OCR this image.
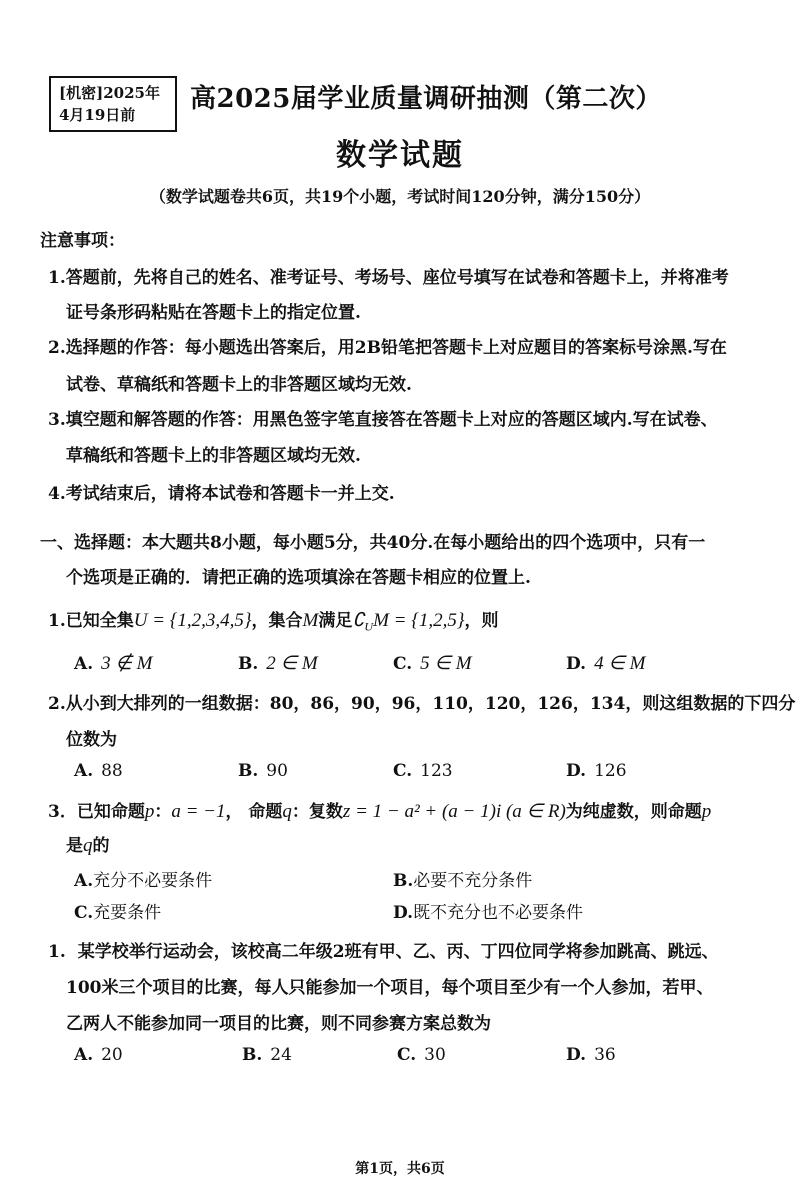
[机密]2025年
4月19日前
高2025届学业质量调研抽测（第二次）
数学试题
（数学试题卷共6页，共19个小题，考试时间120分钟，满分150分）
注意事项：
1.答题前，先将自己的姓名、准考证号、考场号、座位号填写在试卷和答题卡上，并将准考
证号条形码粘贴在答题卡上的指定位置.
2.选择题的作答：每小题选出答案后，用2B铅笔把答题卡上对应题目的答案标号涂黑.写在
试卷、草稿纸和答题卡上的非答题区域均无效.
3.填空题和解答题的作答：用黑色签字笔直接答在答题卡上对应的答题区域内.写在试卷、
草稿纸和答题卡上的非答题区域均无效.
4.考试结束后，请将本试卷和答题卡一并上交.
一、选择题：本大题共8小题，每小题5分，共40分.在每小题给出的四个选项中，只有一
个选项是正确的．请把正确的选项填涂在答题卡相应的位置上.
1.已知全集U = {1,2,3,4,5}，集合M满足$∁_UM = \{1,2,5\}$，则
A. 3 ∉ M	B. 2 ∈ M	C. 5 ∈ M	D. 4 ∈ M
2.从小到大排列的一组数据：80，86，90，96，110，120，126，134，则这组数据的下四分
位数为
A. 88	B. 90	C. 123	D. 126
3．已知命题p：a = −1， 命题q：复数z = 1 − a² + (a − 1)i (a ∈ R)为纯虚数，则命题p
是q的
A.充分不必要条件	B.必要不充分条件
C.充要条件	D.既不充分也不必要条件
1. 某学校举行运动会，该校高二年级2班有甲、乙、丙、丁四位同学将参加跳高、跳远、
100米三个项目的比赛，每人只能参加一个项目，每个项目至少有一个人参加，若甲、
乙两人不能参加同一项目的比赛，则不同参赛方案总数为
A. 20	B. 24	C. 30	D. 36
第1页，共6页
